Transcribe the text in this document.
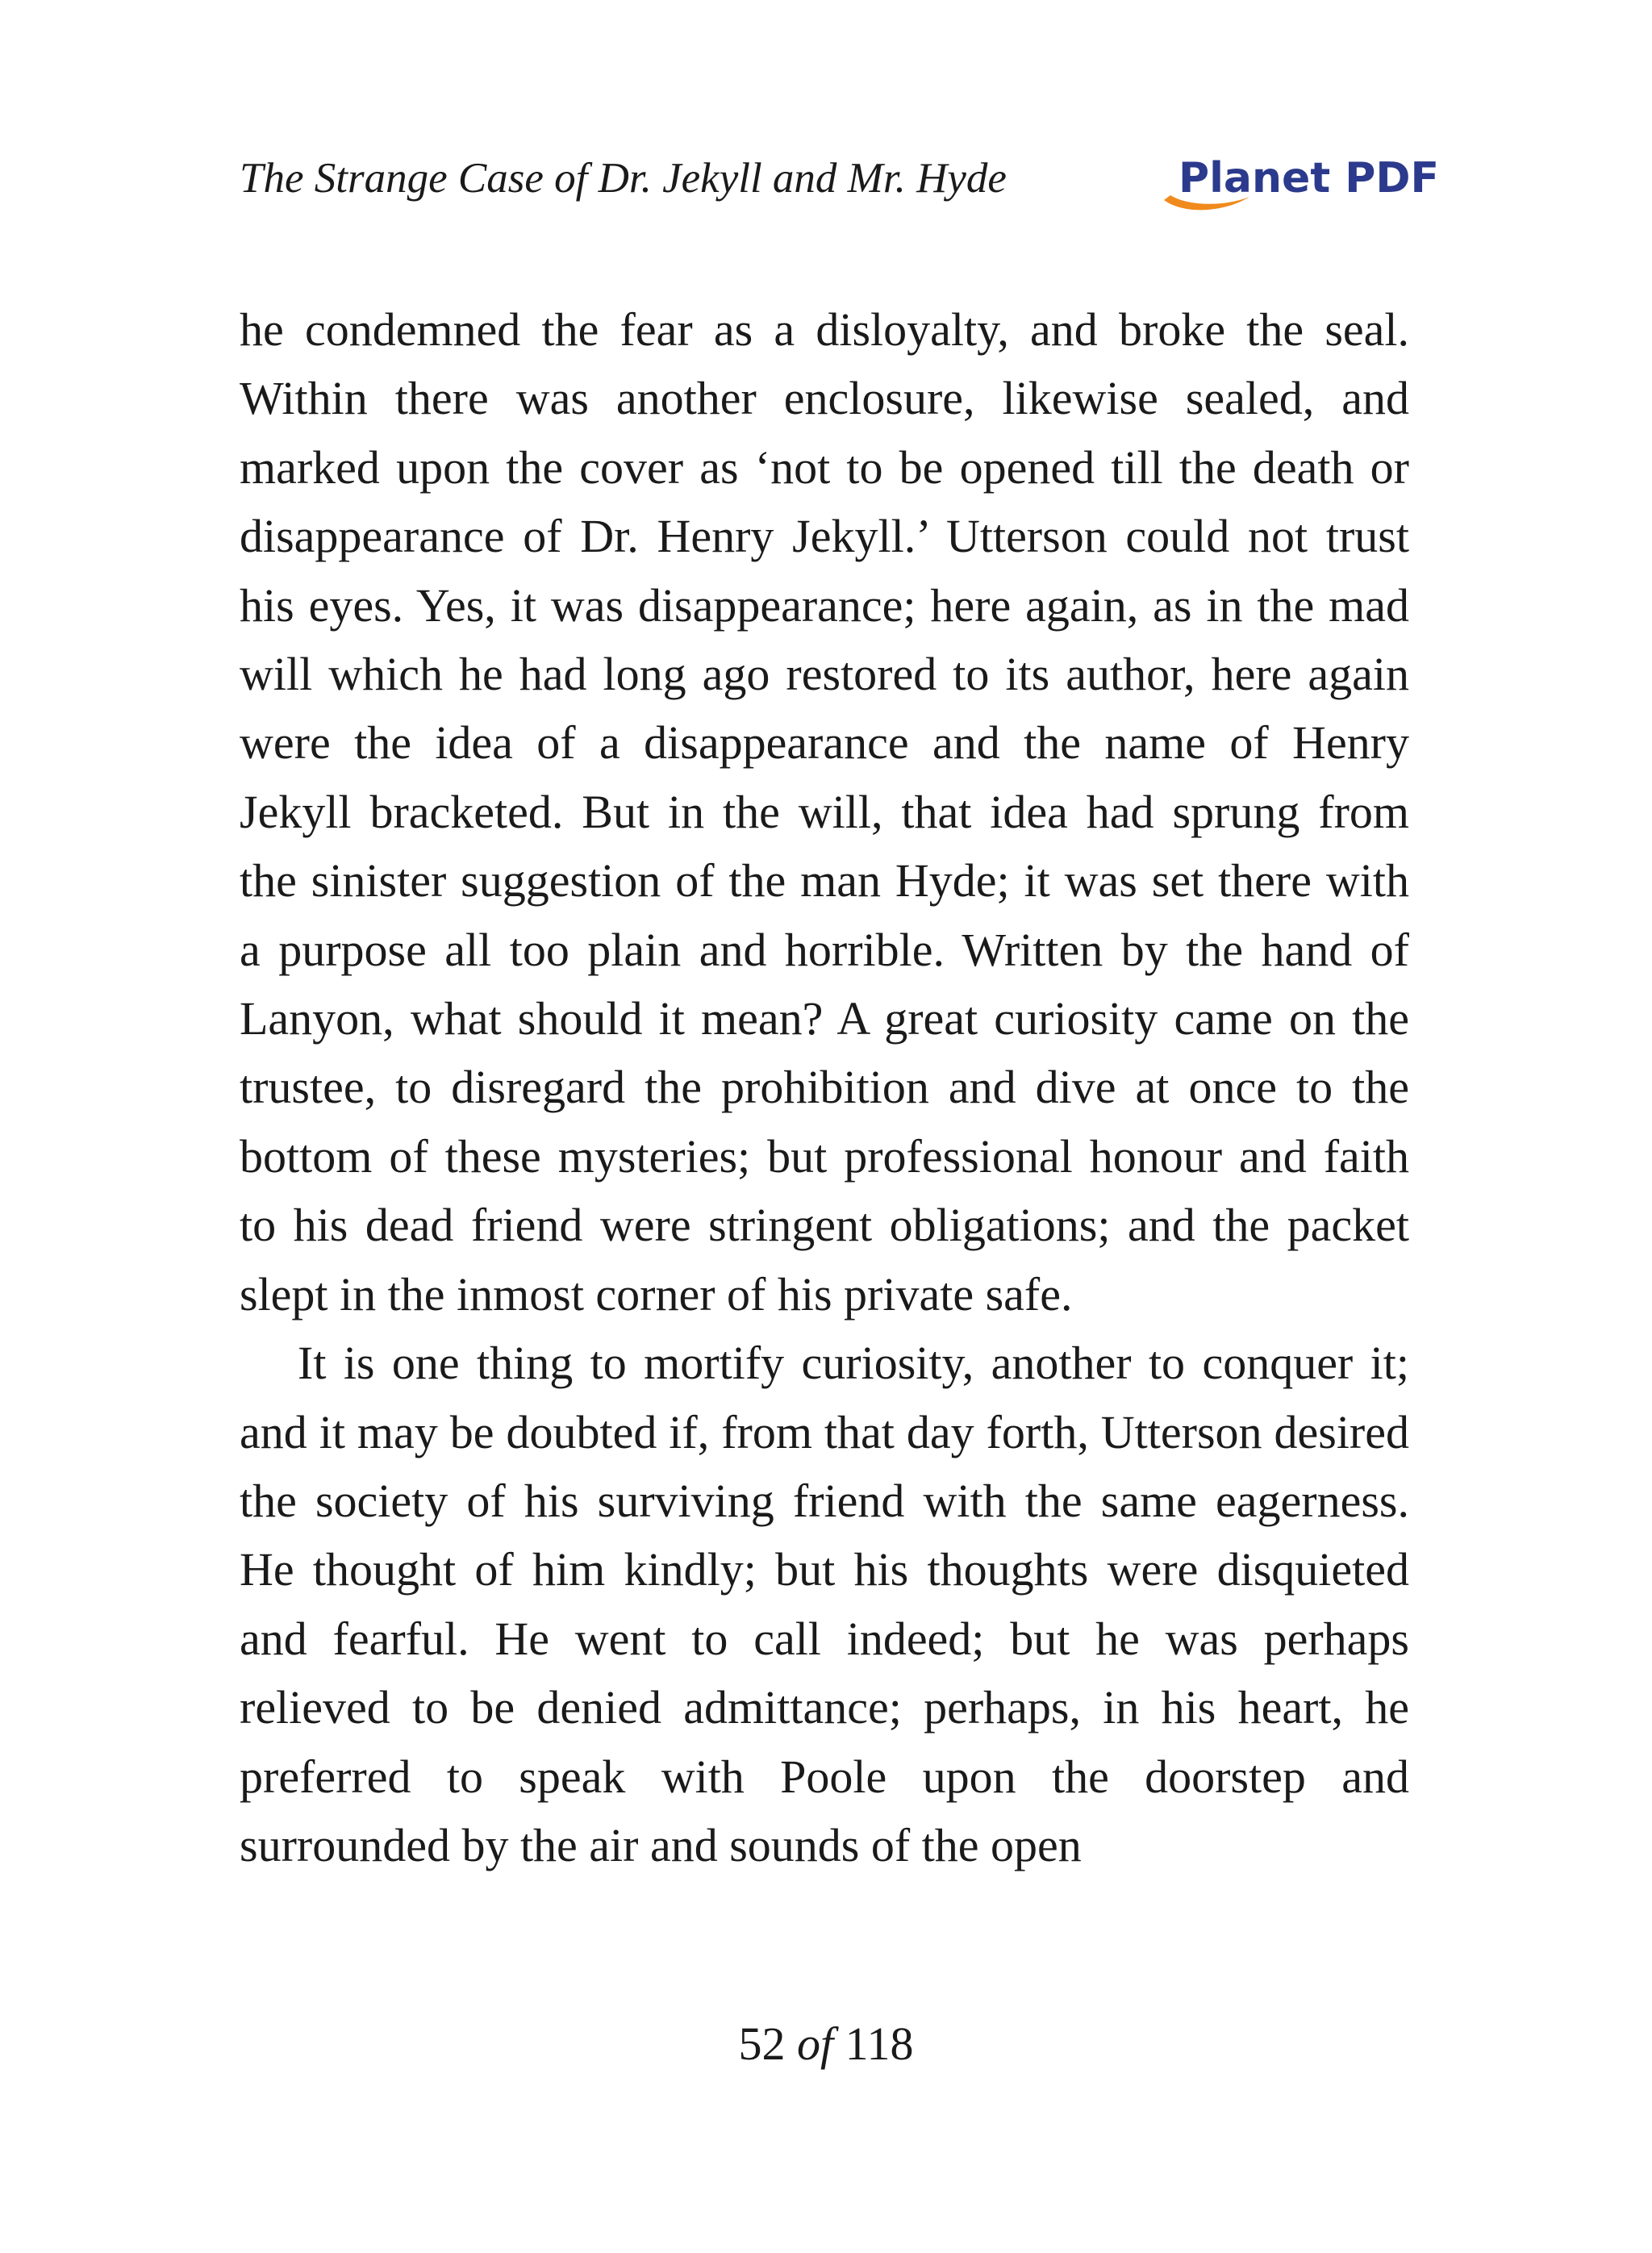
The Strange Case of Dr. Jekyll and Mr. Hyde	Planet PDF

he condemned the fear as a disloyalty, and broke the seal. Within there was another enclosure, likewise sealed, and marked upon the cover as ‘not to be opened till the death or disappearance of Dr. Henry Jekyll.’ Utterson could not trust his eyes. Yes, it was disappearance; here again, as in the mad will which he had long ago restored to its author, here again were the idea of a disappearance and the name of Henry Jekyll bracketed. But in the will, that idea had sprung from the sinister suggestion of the man Hyde; it was set there with a purpose all too plain and horrible. Written by the hand of Lanyon, what should it mean? A great curiosity came on the trustee, to disregard the prohibition and dive at once to the bottom of these mysteries; but professional honour and faith to his dead friend were stringent obligations; and the packet slept in the inmost corner of his private safe.

It is one thing to mortify curiosity, another to conquer it; and it may be doubted if, from that day forth, Utterson desired the society of his surviving friend with the same eagerness. He thought of him kindly; but his thoughts were disquieted and fearful. He went to call indeed; but he was perhaps relieved to be denied admittance; perhaps, in his heart, he preferred to speak with Poole upon the doorstep and surrounded by the air and sounds of the open

52 of 118
